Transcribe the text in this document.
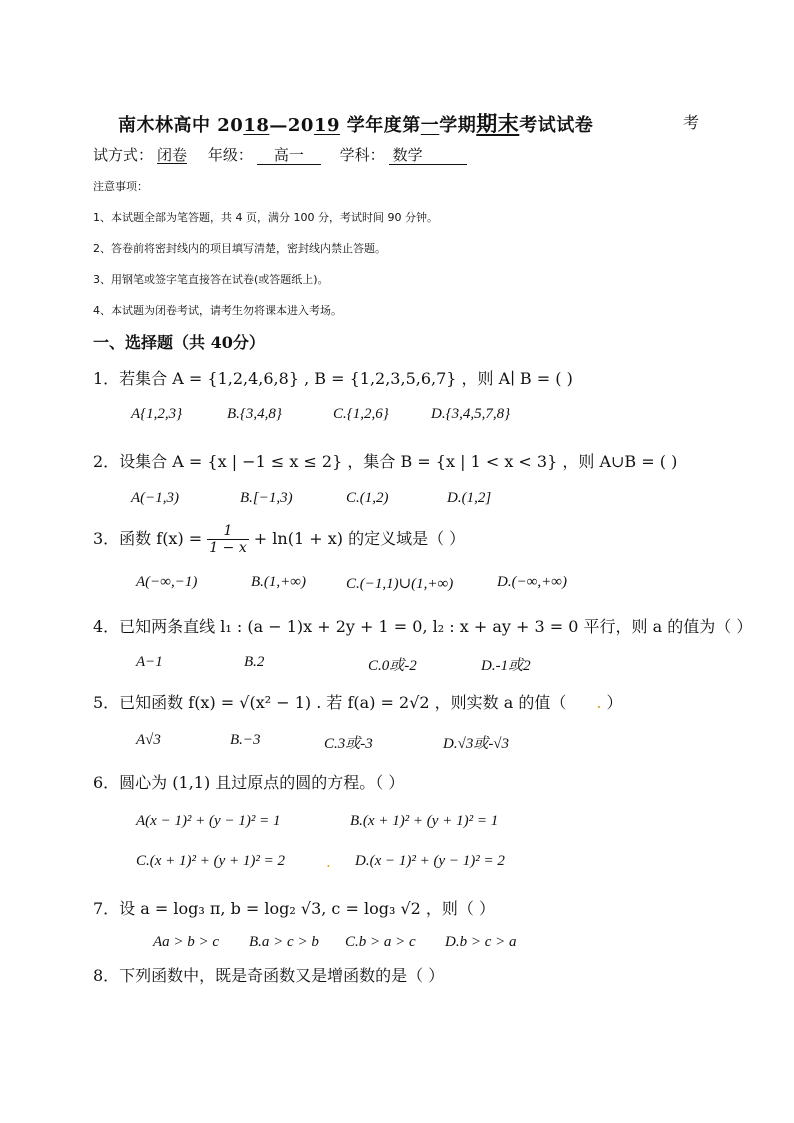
南木林高中 2018—2019 学年度第一学期期末考试试卷	考
试方式： 闭卷 年级： 高一 学科： 数学
注意事项：
1、本试题全部为笔答题，共 4 页，满分 100 分，考试时间 90 分钟。
2、答卷前将密封线内的项目填写清楚，密封线内禁止答题。
3、用钢笔或签字笔直接答在试卷(或答题纸上)。
4、本试题为闭卷考试，请考生勿将课本进入考场。
一、选择题（共 40分）
1．若集合 A = {1,2,4,6,8} , B = {1,2,3,5,6,7} ，则 A∣ B = ( )
A{1,2,3}	B.{3,4,8}	C.{1,2,6}	D.{3,4,5,7,8}
2．设集合 A = {x | −1 ≤ x ≤ 2} ，集合 B = {x | 1 < x < 3} ，则 A∪B = ( )
A(−1,3)	B.[−1,3)	C.(1,2)	D.(1,2]
3．函数 $f(x) = \frac{1}{1 - x} + \ln(1 + x)$ 的定义域是（ ）
A(−∞,−1)	B.(1,+∞)	C.(−1,1)∪(1,+∞)	D.(−∞,+∞)
4．已知两条直线 l₁ : (a − 1)x + 2y + 1 = 0, l₂ : x + ay + 3 = 0 平行，则 a 的值为（ ）
A−1	B.2	C.0或-2	D.-1或2
5．已知函数 f(x) = √(x² − 1) . 若 f(a) = 2√2 ，则实数 a 的值（ . ）
A√3	B.−3	C.3或-3	D.√3或-√3
6．圆心为 (1,1) 且过原点的圆的方程。（ ）
A(x − 1)² + (y − 1)² = 1	B.(x + 1)² + (y + 1)² = 1
C.(x + 1)² + (y + 1)² = 2	. D.(x − 1)² + (y − 1)² = 2
7．设 a = log₃ π, b = log₂ √3, c = log₃ √2 ，则（ ）
Aa > b > c B.a > c > b C.b > a > c D.b > c > a
8．下列函数中，既是奇函数又是增函数的是（ ）
